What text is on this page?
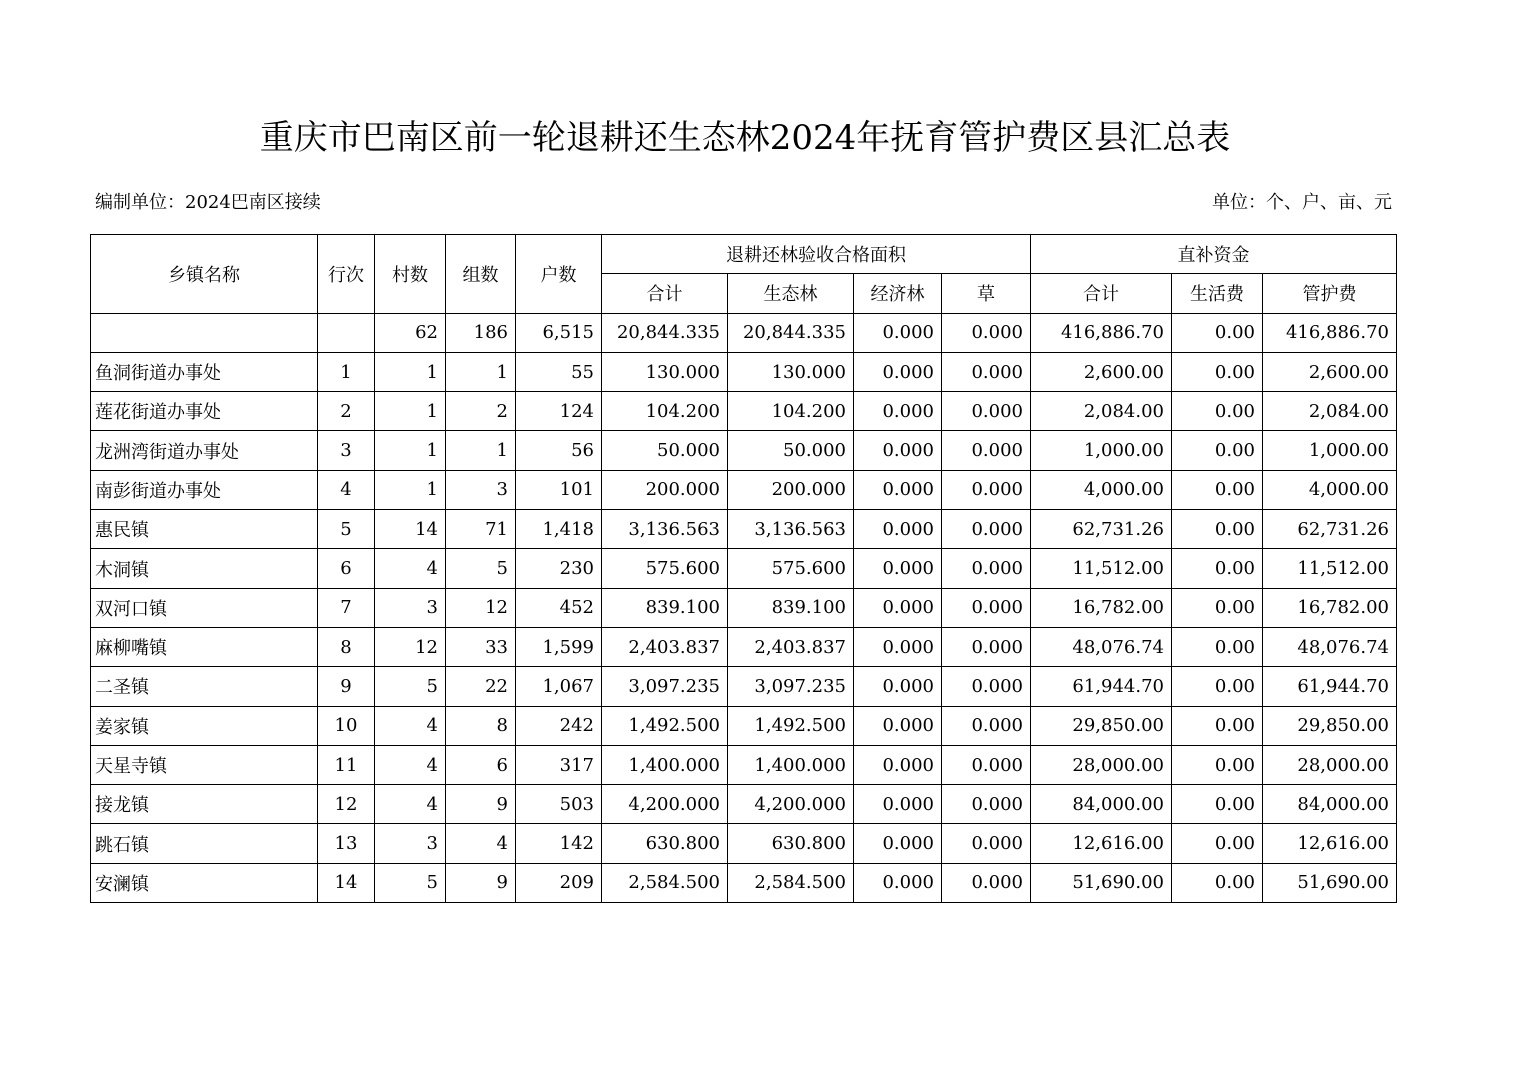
重庆市巴南区前一轮退耕还生态林2024年抚育管护费区县汇总表
编制单位：2024巴南区接续	单位：个、户、亩、元
乡镇名称	行次	村数	组数	户数	退耕还林验收合格面积				直补资金		
					合计	生态林	经济林	草	合计	生活费	管护费
		62	186	6,515	20,844.335	20,844.335	0.000	0.000	416,886.70	0.00	416,886.70
鱼洞街道办事处	1	1	1	55	130.000	130.000	0.000	0.000	2,600.00	0.00	2,600.00
莲花街道办事处	2	1	2	124	104.200	104.200	0.000	0.000	2,084.00	0.00	2,084.00
龙洲湾街道办事处	3	1	1	56	50.000	50.000	0.000	0.000	1,000.00	0.00	1,000.00
南彭街道办事处	4	1	3	101	200.000	200.000	0.000	0.000	4,000.00	0.00	4,000.00
惠民镇	5	14	71	1,418	3,136.563	3,136.563	0.000	0.000	62,731.26	0.00	62,731.26
木洞镇	6	4	5	230	575.600	575.600	0.000	0.000	11,512.00	0.00	11,512.00
双河口镇	7	3	12	452	839.100	839.100	0.000	0.000	16,782.00	0.00	16,782.00
麻柳嘴镇	8	12	33	1,599	2,403.837	2,403.837	0.000	0.000	48,076.74	0.00	48,076.74
二圣镇	9	5	22	1,067	3,097.235	3,097.235	0.000	0.000	61,944.70	0.00	61,944.70
姜家镇	10	4	8	242	1,492.500	1,492.500	0.000	0.000	29,850.00	0.00	29,850.00
天星寺镇	11	4	6	317	1,400.000	1,400.000	0.000	0.000	28,000.00	0.00	28,000.00
接龙镇	12	4	9	503	4,200.000	4,200.000	0.000	0.000	84,000.00	0.00	84,000.00
跳石镇	13	3	4	142	630.800	630.800	0.000	0.000	12,616.00	0.00	12,616.00
安澜镇	14	5	9	209	2,584.500	2,584.500	0.000	0.000	51,690.00	0.00	51,690.00
